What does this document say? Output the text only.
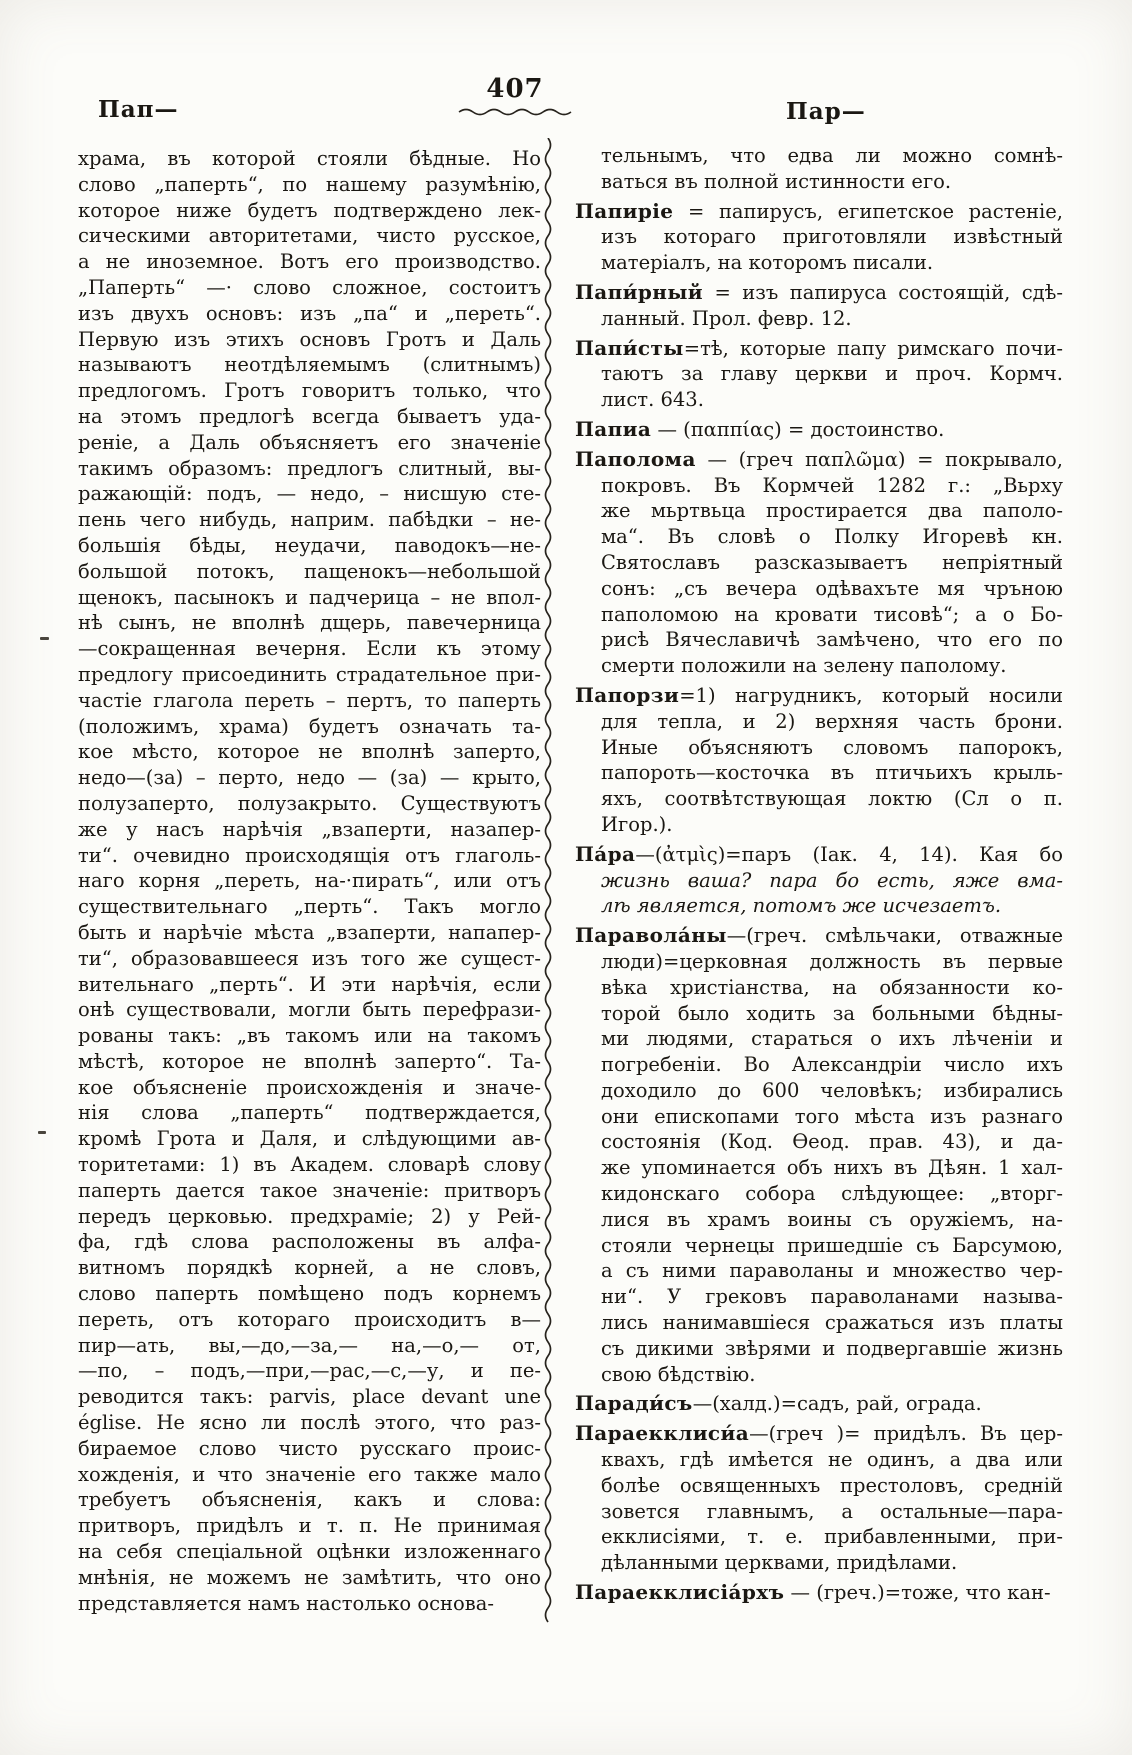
Пап—
407
Пар—
храма, въ которой стояли бѣдные. Но
слово „паперть“, по нашему разумѣнію,
которое ниже будетъ подтверждено лек-
сическими авторитетами, чисто русское,
а не иноземное. Вотъ его производство.
„Паперть“ —· слово сложное, состоитъ
изъ двухъ основъ: изъ „па“ и „переть“.
Первую изъ этихъ основъ Гротъ и Даль
называютъ неотдѣляемымъ (слитнымъ)
предлогомъ. Гротъ говоритъ только, что
на этомъ предлогѣ всегда бываетъ уда-
реніе, а Даль объясняетъ его значеніе
такимъ образомъ: предлогъ слитный, вы-
ражающій: подъ, — недо, – нисшую сте-
пень чего нибудь, наприм. пабѣдки – не-
большія бѣды, неудачи, паводокъ—не-
большой потокъ, пащенокъ—небольшой
щенокъ, пасынокъ и падчерица – не впол-
нѣ сынъ, не вполнѣ дщерь, павечерница
—сокращенная вечерня. Если къ этому
предлогу присоединить страдательное при-
частіе глагола переть – пертъ, то паперть
(положимъ, храма) будетъ означать та-
кое мѣсто, которое не вполнѣ заперто,
недо—(за) – перто, недо — (за) — крыто,
полузаперто, полузакрыто. Существуютъ
же у насъ нарѣчія „взаперти, назапер-
ти“. очевидно происходящія отъ глаголь-
наго корня „переть, на-·пирать“, или отъ
существительнаго „перть“. Такъ могло
быть и нарѣчіе мѣста „взаперти, напапер-
ти“, образовавшееся изъ того же сущест-
вительнаго „перть“. И эти нарѣчія, если
онѣ существовали, могли быть перефрази-
рованы такъ: „въ такомъ или на такомъ
мѣстѣ, которое не вполнѣ заперто“. Та-
кое объясненіе происхожденія и значе-
нія слова „паперть“ подтверждается,
кромѣ Грота и Даля, и слѣдующими ав-
торитетами: 1) въ Академ. словарѣ слову
паперть дается такое значеніе: притворъ
передъ церковью. предхраміе; 2) у Рей-
фа, гдѣ слова расположены въ алфа-
витномъ порядкѣ корней, а не словъ,
слово паперть помѣщено подъ корнемъ
переть, отъ котораго происходитъ в—
пир—ать, вы,—до,—за,— на,—о,— от,
—по, – подъ,—при,—рас,—с,—у, и пе-
реводится такъ: parvis, place devant une
église. Не ясно ли послѣ этого, что раз-
бираемое слово чисто русскаго проис-
хожденія, и что значеніе его также мало
требуетъ объясненія, какъ и слова:
притворъ, придѣлъ и т. п. Не принимая
на себя спеціальной оцѣнки изложеннаго
мнѣнія, не можемъ не замѣтить, что оно
представляется намъ настолько основа-
тельнымъ, что едва ли можно сомнѣ-
ваться въ полной истинности его.
Папиріе = папирусъ, египетское растеніе,
изъ котораго приготовляли извѣстный
матеріалъ, на которомъ писали.
Папи́рный = изъ папируса состоящій, сдѣ-
ланный. Прол. февр. 12.
Папи́сты=тѣ, которые папу римскаго почи-
таютъ за главу церкви и проч. Кормч.
лист. 643.
Папиа — (παππίας) = достоинство.
Паполома — (греч παπλῶμα) = покрывало,
покровъ. Въ Кормчей 1282 г.: „Вьрху
же мьртвьца простирается два паполо-
ма“. Въ словѣ о Полку Игоревѣ кн.
Святославъ разсказываетъ непріятный
сонъ: „съ вечера одѣвахъте мя чръною
паполомою на кровати тисовѣ“; а о Бо-
рисѣ Вячеславичѣ замѣчено, что его по
смерти положили на зелену паполому.
Папорзи=1) нагрудникъ, который носили
для тепла, и 2) верхняя часть брони.
Иные объясняютъ словомъ папорокъ,
папороть—косточка въ птичьихъ крыль-
яхъ, соотвѣтствующая локтю (Сл о п.
Игор.).
Па́ра—(ἀτμὶς)=паръ (Іак. 4, 14). Кая бо
жизнь ваша? пара бо есть, яже вма-
лѣ является, потомъ же исчезаетъ.
Паравола́ны—(греч. смѣльчаки, отважные
люди)=церковная должность въ первые
вѣка христіанства, на обязанности ко-
торой было ходить за больными бѣдны-
ми людями, стараться о ихъ лѣченіи и
погребеніи. Во Александріи число ихъ
доходило до 600 человѣкъ; избирались
они епископами того мѣста изъ разнаго
состоянія (Код. Ѳеод. прав. 43), и да-
же упоминается объ нихъ въ Дѣян. 1 хал-
кидонскаго собора слѣдующее: „вторг-
лися въ храмъ воины съ оружіемъ, на-
стояли чернецы пришедшіе съ Барсумою,
а съ ними параволаны и множество чер-
ни“. У грековъ параволанами называ-
лись нанимавшіеся сражаться изъ платы
съ дикими звѣрями и подвергавшіе жизнь
свою бѣдствію.
Паради́съ—(халд.)=садъ, рай, ограда.
Параекклиси́а—(греч )= придѣлъ. Въ цер-
квахъ, гдѣ имѣется не одинъ, а два или
болѣе освященныхъ престоловъ, средній
зовется главнымъ, а остальные—пара-
екклисіями, т. е. прибавленными, при-
дѣланными церквами, придѣлами.
Параекклисіа́рхъ — (греч.)=тоже, что кан-
